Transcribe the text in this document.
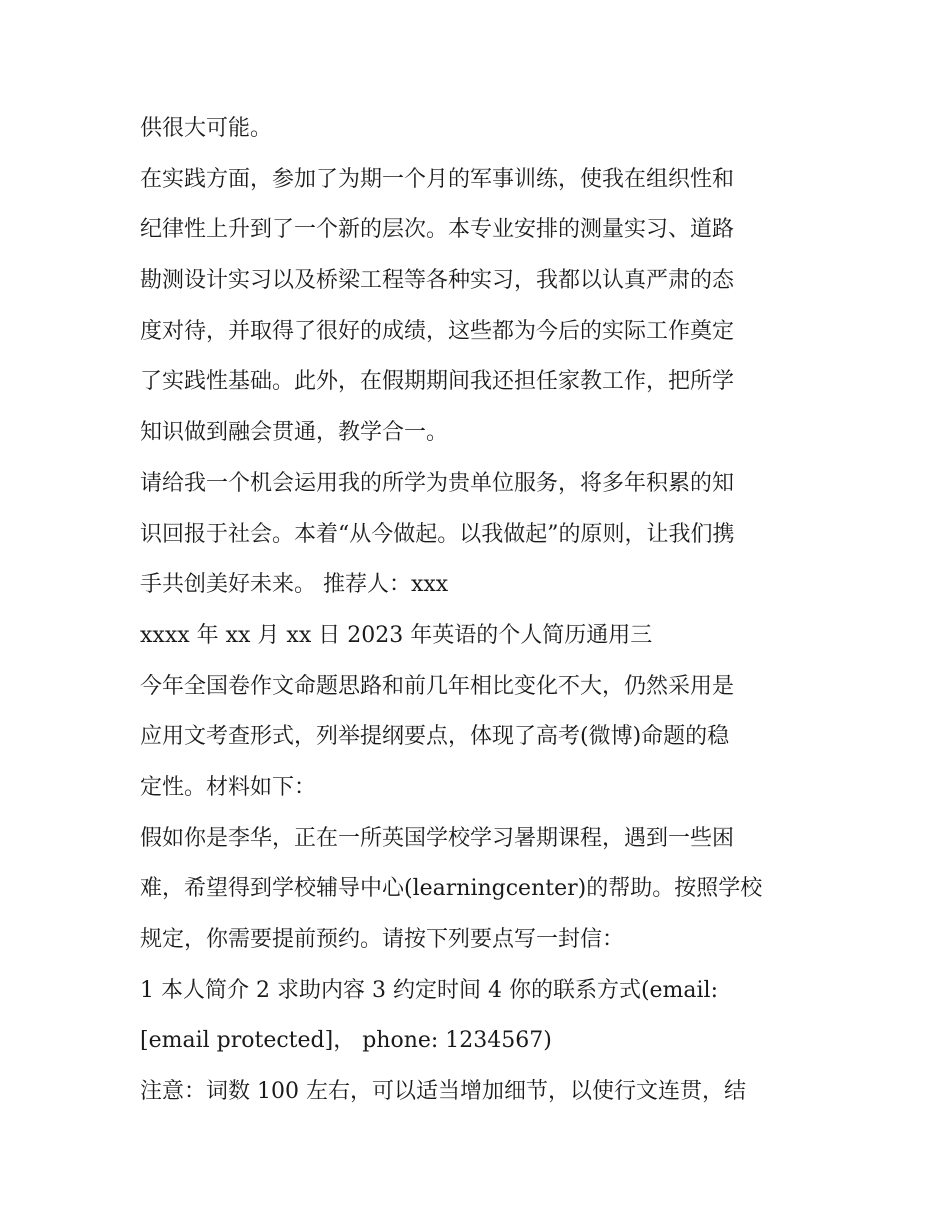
供很大可能。

在实践方面，参加了为期一个月的军事训练，使我在组织性和
纪律性上升到了一个新的层次。本专业安排的测量实习、道路
勘测设计实习以及桥梁工程等各种实习，我都以认真严肃的态
度对待，并取得了很好的成绩，这些都为今后的实际工作奠定
了实践性基础。此外，在假期期间我还担任家教工作，把所学
知识做到融会贯通，教学合一。

请给我一个机会运用我的所学为贵单位服务，将多年积累的知
识回报于社会。本着“从今做起。以我做起”的原则，让我们携
手共创美好未来。 推荐人：xxx

xxxx 年 xx 月 xx 日 2023 年英语的个人简历通用三

今年全国卷作文命题思路和前几年相比变化不大，仍然采用是
应用文考查形式，列举提纲要点，体现了高考(微博)命题的稳
定性。材料如下：

假如你是李华，正在一所英国学校学习暑期课程，遇到一些困
难，希望得到学校辅导中心(learningcenter)的帮助。按照学校
规定，你需要提前预约。请按下列要点写一封信：

1 本人简介 2 求助内容 3 约定时间 4 你的联系方式(email:
[email protected]， phone: 1234567)

注意：词数 100 左右，可以适当增加细节，以使行文连贯，结
